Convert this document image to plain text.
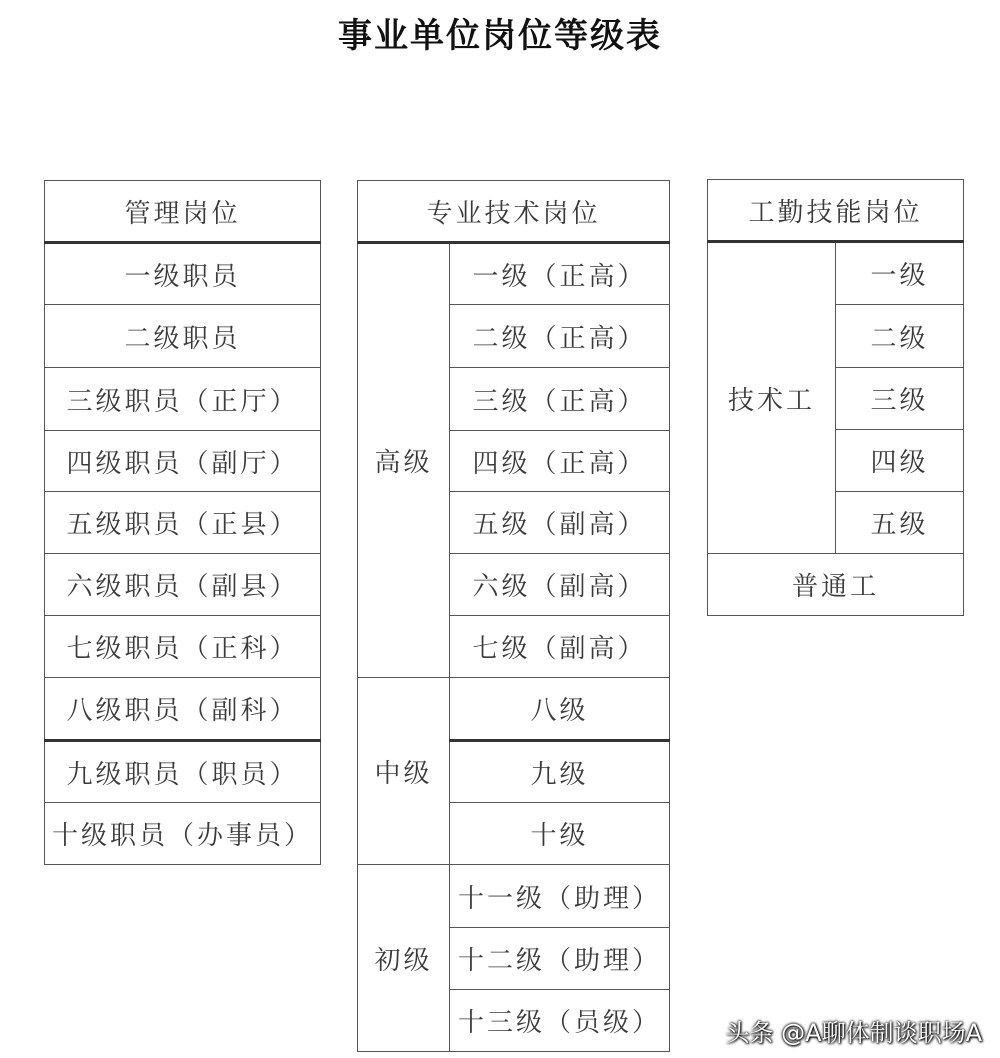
事业单位岗位等级表
管理岗位
一级职员
二级职员
三级职员（正厅）
四级职员（副厅）
五级职员（正县）
六级职员（副县）
七级职员（正科）
八级职员（副科）
九级职员（职员）
十级职员（办事员）
专业技术岗位	
高级	一级（正高）
	二级（正高）
	三级（正高）
	四级（正高）
	五级（副高）
	六级（副高）
	七级（副高）
中级	八级
	九级
	十级
初级	十一级（助理）
	十二级（助理）
	十三级（员级）
工勤技能岗位
技术工	一级
二级
三级
四级
五级
普通工
头条 @A聊体制谈职场A
